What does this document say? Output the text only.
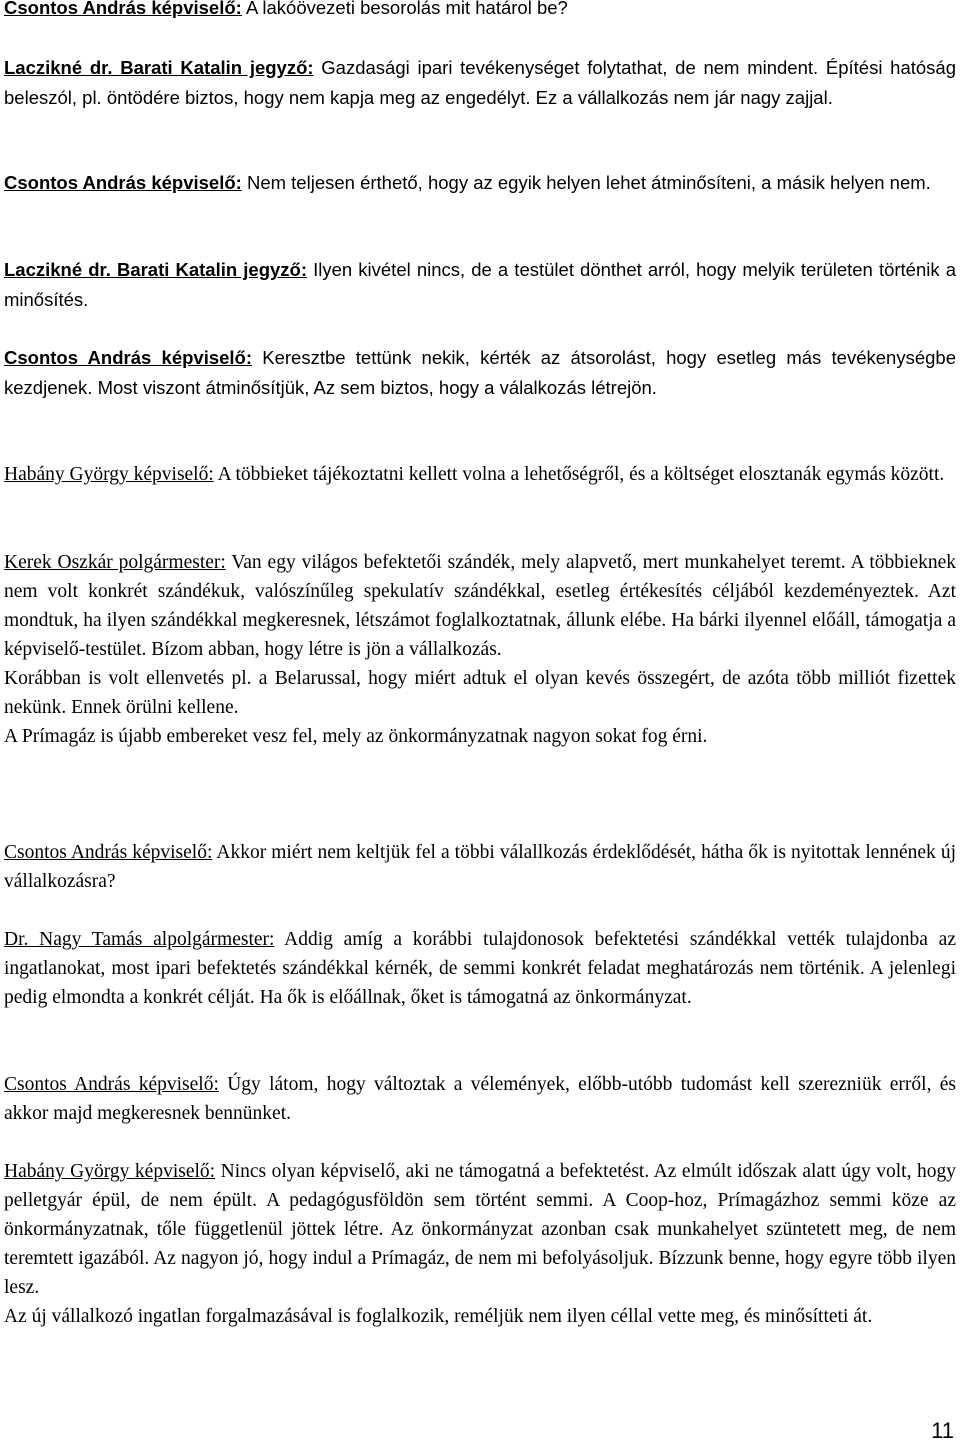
Csontos András képviselő: A lakóövezeti besorolás mit határol be?

Laczikné dr. Barati Katalin jegyző: Gazdasági ipari tevékenységet folytathat, de nem mindent. Építési hatóság beleszól, pl. öntödére biztos, hogy nem kapja meg az engedélyt. Ez a vállalkozás nem jár nagy zajjal.

Csontos András képviselő: Nem teljesen érthető, hogy az egyik helyen lehet átminősíteni, a másik helyen nem.

Laczikné dr. Barati Katalin jegyző: Ilyen kivétel nincs, de a testület dönthet arról, hogy melyik területen történik a minősítés.

Csontos András képviselő: Keresztbe tettünk nekik, kérték az átsorolást, hogy esetleg más tevékenységbe kezdjenek. Most viszont átminősítjük, Az sem biztos, hogy a válalkozás létrejön.

Habány György képviselő: A többieket tájékoztatni kellett volna a lehetőségről, és a költséget elosztanák egymás között.

Kerek Oszkár polgármester: Van egy világos befektetői szándék, mely alapvető, mert munkahelyet teremt. A többieknek nem volt konkrét szándékuk, valószínűleg spekulatív szándékkal, esetleg értékesítés céljából kezdeményeztek. Azt mondtuk, ha ilyen szándékkal megkeresnek, létszámot foglalkoztatnak, állunk elébe. Ha bárki ilyennel előáll, támogatja a képviselő-testület. Bízom abban, hogy létre is jön a vállalkozás.
Korábban is volt ellenvetés pl. a Belarussal, hogy miért adtuk el olyan kevés összegért, de azóta több milliót fizettek nekünk. Ennek örülni kellene.
A Prímagáz is újabb embereket vesz fel, mely az önkormányzatnak nagyon sokat fog érni.

Csontos András képviselő: Akkor miért nem keltjük fel a többi válallkozás érdeklődését, hátha ők is nyitottak lennének új vállalkozásra?

Dr. Nagy Tamás alpolgármester: Addig amíg a korábbi tulajdonosok befektetési szándékkal vették tulajdonba az ingatlanokat, most ipari befektetés szándékkal kérnék, de semmi konkrét feladat meghatározás nem történik. A jelenlegi pedig elmondta a konkrét célját. Ha ők is előállnak, őket is támogatná az önkormányzat.

Csontos András képviselő: Úgy látom, hogy változtak a vélemények, előbb-utóbb tudomást kell szerezniük erről, és akkor majd megkeresnek bennünket.

Habány György képviselő: Nincs olyan képviselő, aki ne támogatná a befektetést. Az elmúlt időszak alatt úgy volt, hogy pelletgyár épül, de nem épült. A pedagógusföldön sem történt semmi. A Coop-hoz, Prímagázhoz semmi köze az önkormányzatnak, tőle függetlenül jöttek létre. Az önkormányzat azonban csak munkahelyet szüntetett meg, de nem teremtett igazából. Az nagyon jó, hogy indul a Prímagáz, de nem mi befolyásoljuk. Bízzunk benne, hogy egyre több ilyen lesz.
Az új vállalkozó ingatlan forgalmazásával is foglalkozik, reméljük nem ilyen céllal vette meg, és minősítteti át.

11
